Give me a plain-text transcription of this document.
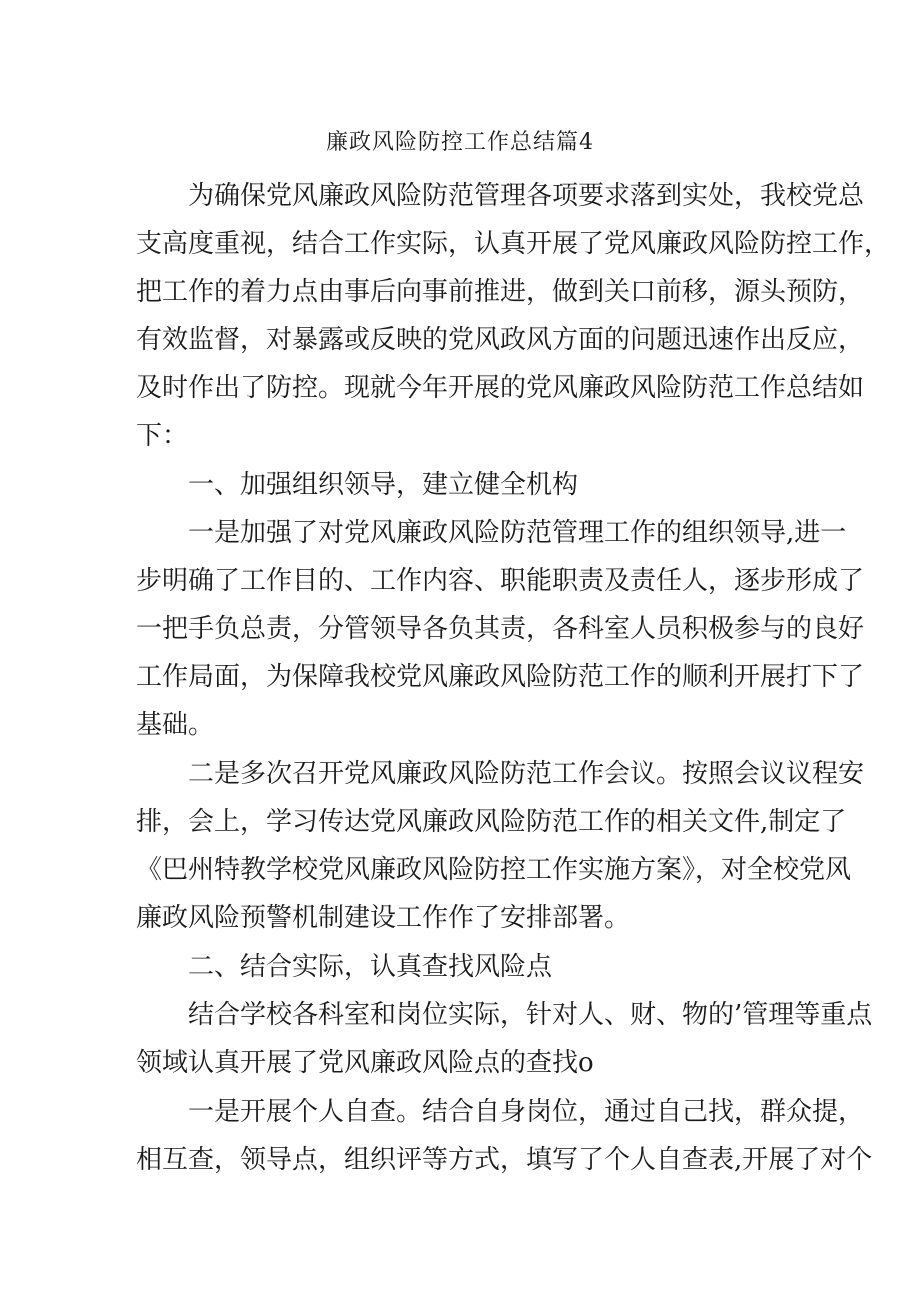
廉政风险防控工作总结篇4
为确保党风廉政风险防范管理各项要求落到实处，我校党总
支高度重视，结合工作实际，认真开展了党风廉政风险防控工作，
把工作的着力点由事后向事前推进，做到关口前移，源头预防，
有效监督，对暴露或反映的党风政风方面的问题迅速作出反应，
及时作出了防控。现就今年开展的党风廉政风险防范工作总结如
下：
一、加强组织领导，建立健全机构
一是加强了对党风廉政风险防范管理工作的组织领导,进一
步明确了工作目的、工作内容、职能职责及责任人，逐步形成了
一把手负总责，分管领导各负其责，各科室人员积极参与的良好
工作局面，为保障我校党风廉政风险防范工作的顺利开展打下了
基础。
二是多次召开党风廉政风险防范工作会议。按照会议议程安
排，会上，学习传达党风廉政风险防范工作的相关文件,制定了
《巴州特教学校党风廉政风险防控工作实施方案》，对全校党风
廉政风险预警机制建设工作作了安排部署。
二、结合实际，认真查找风险点
结合学校各科室和岗位实际，针对人、财、物的’管理等重点
领域认真开展了党风廉政风险点的查找o
一是开展个人自查。结合自身岗位，通过自己找，群众提，
相互查，领导点，组织评等方式，填写了个人自查表,开展了对个
